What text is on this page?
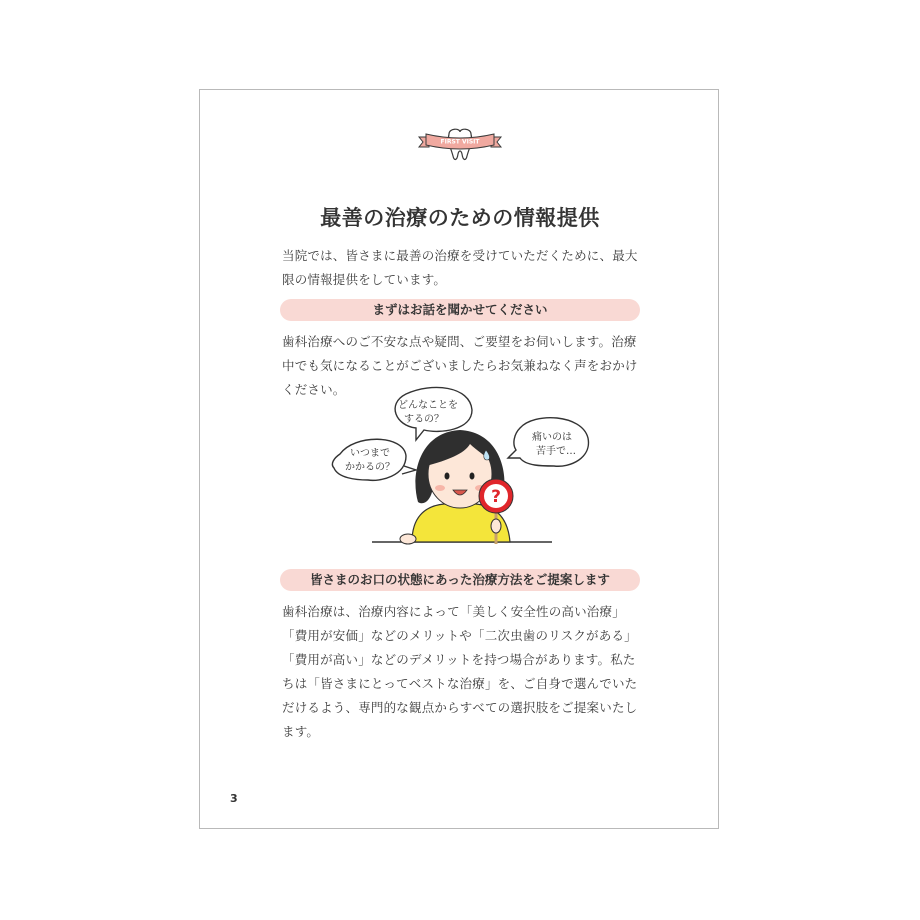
FIRST VISIT
最善の治療のための情報提供

当院では、皆さまに最善の治療を受けていただくために、最大限の情報提供をしています。

まずはお話を聞かせてください

歯科治療へのご不安な点や疑問、ご要望をお伺いします。治療中でも気になることがございましたらお気兼ねなく声をおかけください。

?
どんなことを
するの？
いつまで
かかるの？
痛いのは
苦手で…
皆さまのお口の状態にあった治療方法をご提案します

歯科治療は、治療内容によって「美しく安全性の高い治療」「費用が安価」などのメリットや「二次虫歯のリスクがある」「費用が高い」などのデメリットを持つ場合があります。私たちは「皆さまにとってベストな治療」を、ご自身で選んでいただけるよう、専門的な観点からすべての選択肢をご提案いたします。

3
